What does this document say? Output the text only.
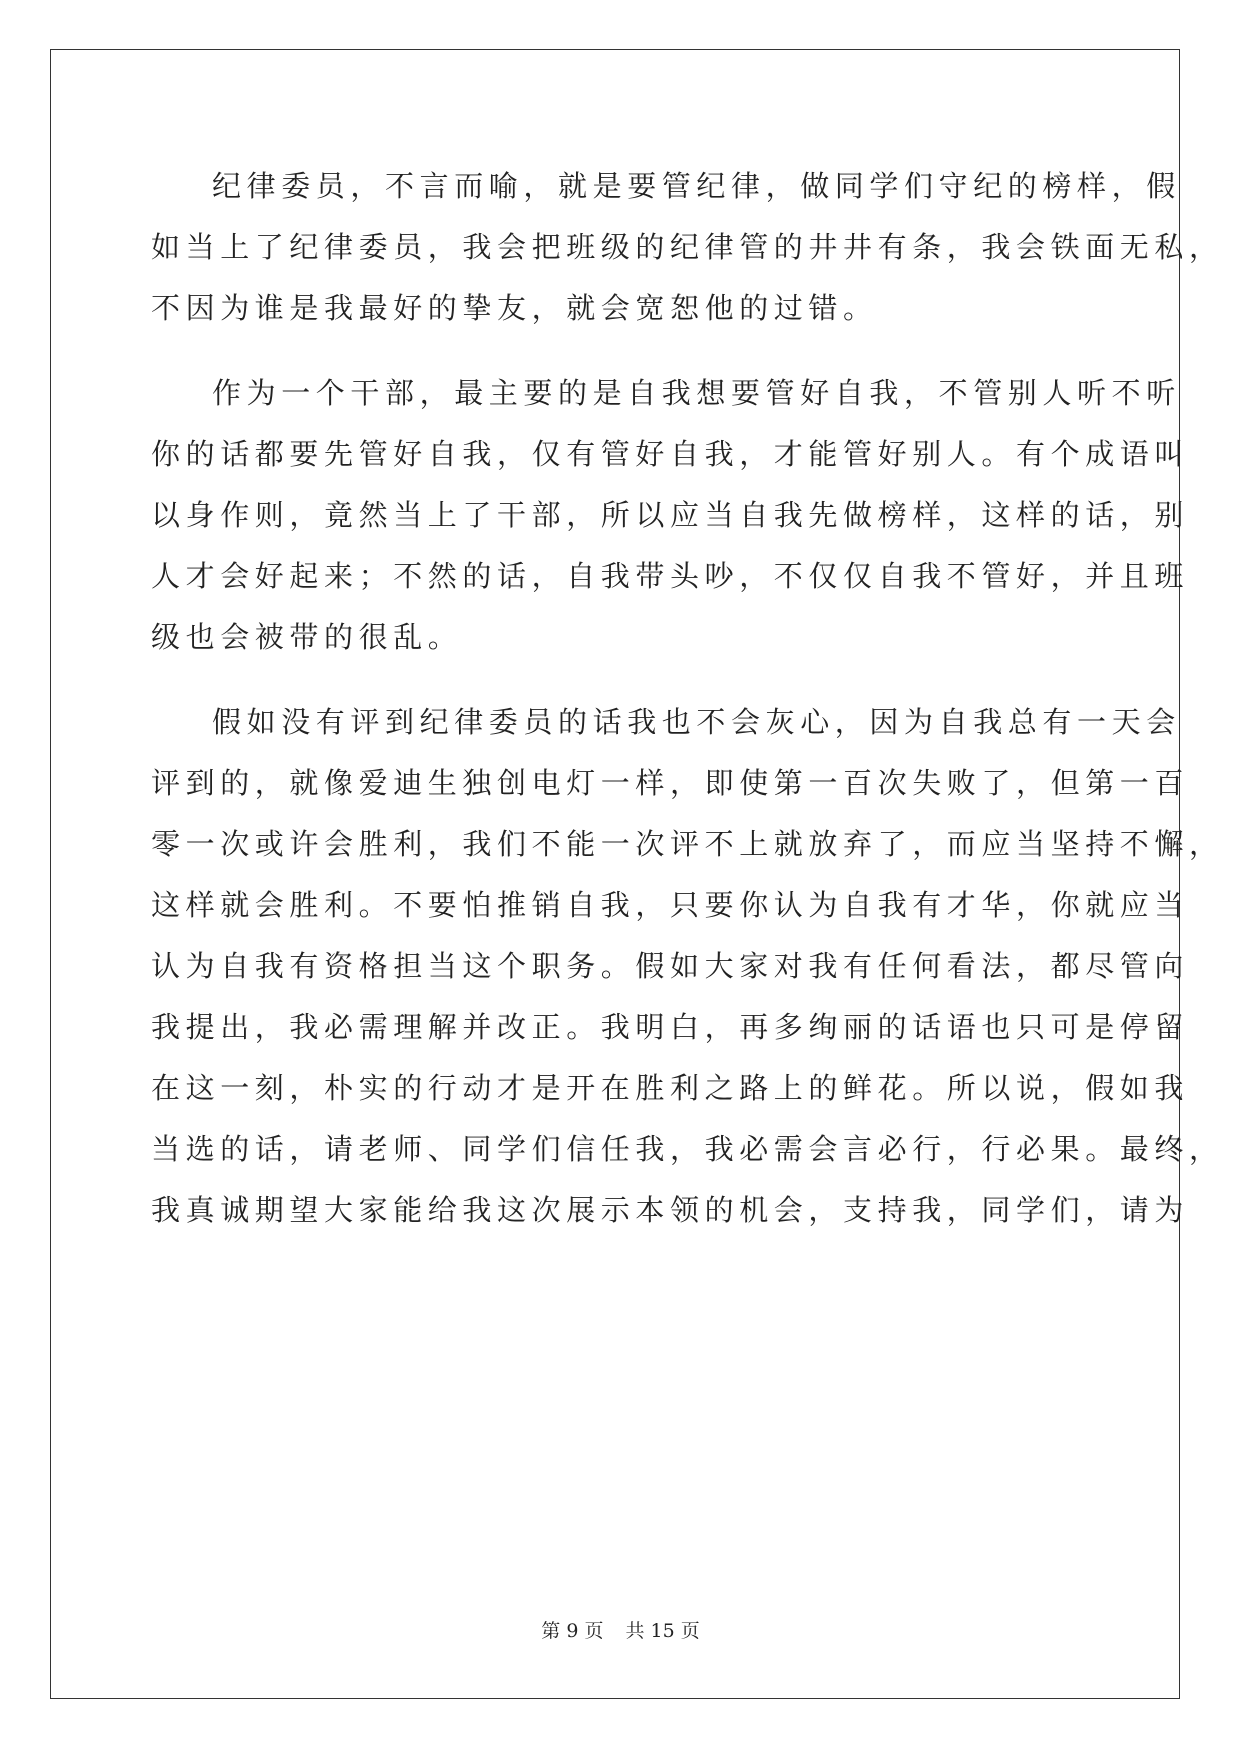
纪律委员，不言而喻，就是要管纪律，做同学们守纪的榜样，假
如当上了纪律委员，我会把班级的纪律管的井井有条，我会铁面无私，
不因为谁是我最好的挚友，就会宽恕他的过错。
作为一个干部，最主要的是自我想要管好自我，不管别人听不听
你的话都要先管好自我，仅有管好自我，才能管好别人。有个成语叫
以身作则，竟然当上了干部，所以应当自我先做榜样，这样的话，别
人才会好起来；不然的话，自我带头吵，不仅仅自我不管好，并且班
级也会被带的很乱。
假如没有评到纪律委员的话我也不会灰心，因为自我总有一天会
评到的，就像爱迪生独创电灯一样，即使第一百次失败了，但第一百
零一次或许会胜利，我们不能一次评不上就放弃了，而应当坚持不懈，
这样就会胜利。不要怕推销自我，只要你认为自我有才华，你就应当
认为自我有资格担当这个职务。假如大家对我有任何看法，都尽管向
我提出，我必需理解并改正。我明白，再多绚丽的话语也只可是停留
在这一刻，朴实的行动才是开在胜利之路上的鲜花。所以说，假如我
当选的话，请老师、同学们信任我，我必需会言必行，行必果。最终，
我真诚期望大家能给我这次展示本领的机会，支持我，同学们，请为
第 9 页 共 15 页
